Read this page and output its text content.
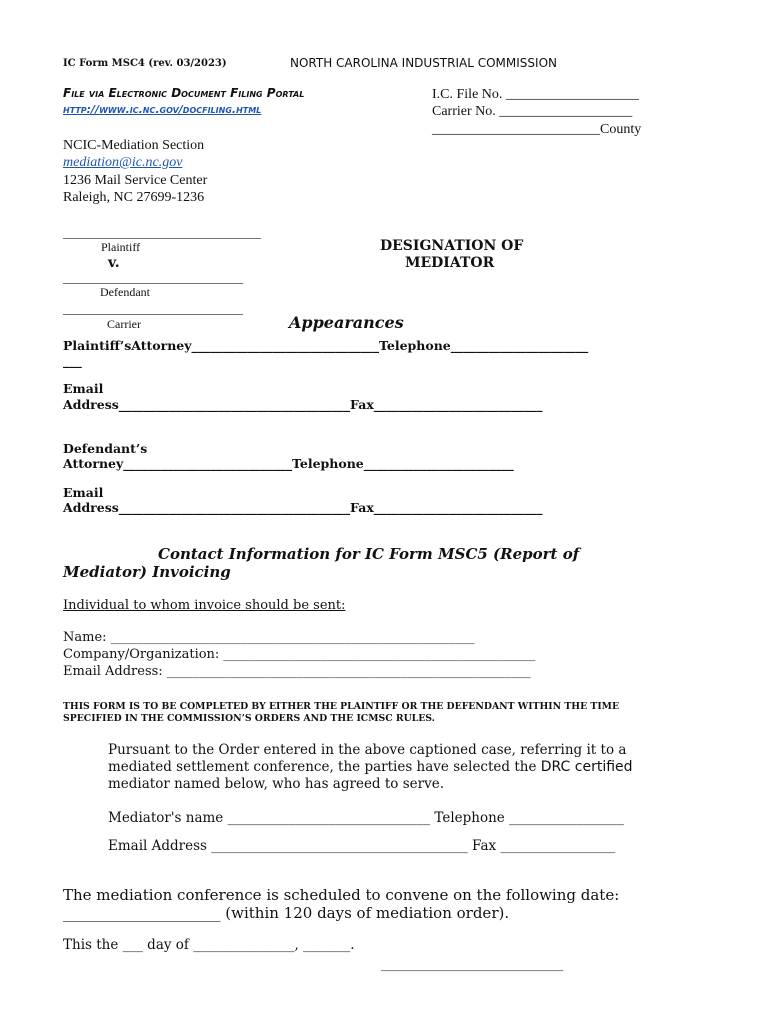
IC Form MSC4 (rev. 03/2023)	NORTH CAROLINA INDUSTRIAL COMMISSION
File via Electronic Document Filing Portal
http://www.ic.nc.gov/docfiling.html
I.C. File No. ___________________
Carrier No. ___________________
________________________County
NCIC-Mediation Section
mediation@ic.nc.gov
1236 Mail Service Center
Raleigh, NC 27699-1236
_________________________________
Plaintiff
v.
______________________________
Defendant
______________________________
Carrier
DESIGNATION OF
MEDIATOR
Appearances
Plaintiff’sAttorney______________________________Telephone______________________
___
Email
Address_____________________________________Fax___________________________
Defendant’s
Attorney___________________________Telephone________________________
Email
Address_____________________________________Fax___________________________
Contact Information for IC Form MSC5 (Report of
Mediator) Invoicing
Individual to whom invoice should be sent:
Name: ________________________________________________________
Company/Organization: ________________________________________________
Email Address: ________________________________________________________
THIS FORM IS TO BE COMPLETED BY EITHER THE PLAINTIFF OR THE DEFENDANT WITHIN THE TIME
SPECIFIED IN THE COMMISSION’S ORDERS AND THE ICMSC RULES.
Pursuant to the Order entered in the above captioned case, referring it to a
mediated settlement conference, the parties have selected the DRC certified
mediator named below, who has agreed to serve.
Mediator's name ______________________________ Telephone _________________
Email Address ______________________________________ Fax _________________
The mediation conference is scheduled to convene on the following date:
_____________________ (within 120 days of mediation order).
This the ___ day of _______________, _______.
___________________________
